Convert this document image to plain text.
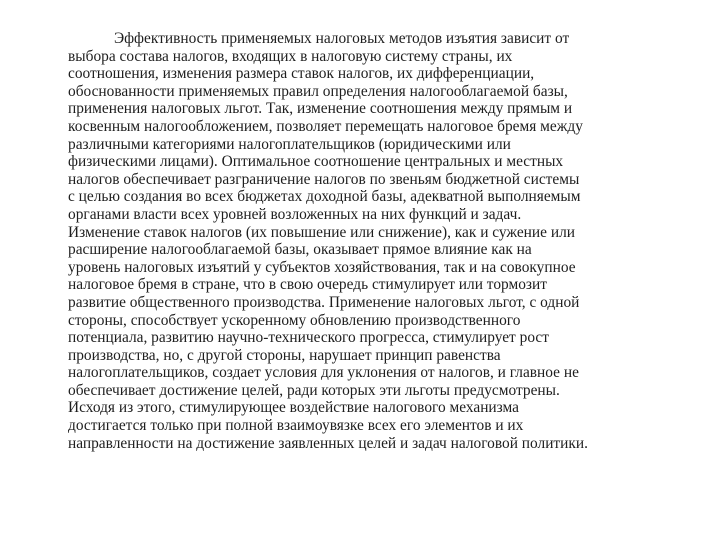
Эффективность применяемых налоговых методов изъятия зависит от
выбора состава налогов, входящих в налоговую систему страны, их
соотношения, изменения размера ставок налогов, их дифференциации,
обоснованности применяемых правил определения налогооблагаемой базы,
применения налоговых льгот. Так, изменение соотношения между прямым и
косвенным налогообложением, позволяет перемещать налоговое бремя между
различными категориями налогоплательщиков (юридическими или
физическими лицами). Оптимальное соотношение центральных и местных
налогов обеспечивает разграничение налогов по звеньям бюджетной системы
с целью создания во всех бюджетах доходной базы, адекватной выполняемым
органами власти всех уровней возложенных на них функций и задач.
Изменение ставок налогов (их повышение или снижение), как и сужение или
расширение налогооблагаемой базы, оказывает прямое влияние как на
уровень налоговых изъятий у субъектов хозяйствования, так и на совокупное
налоговое бремя в стране, что в свою очередь стимулирует или тормозит
развитие общественного производства. Применение налоговых льгот, с одной
стороны, способствует ускоренному обновлению производственного
потенциала, развитию научно-технического прогресса, стимулирует рост
производства, но, с другой стороны, нарушает принцип равенства
налогоплательщиков, создает условия для уклонения от налогов, и главное не
обеспечивает достижение целей, ради которых эти льготы предусмотрены.
Исходя из этого, стимулирующее воздействие налогового механизма
достигается только при полной взаимоувязке всех его элементов и их
направленности на достижение заявленных целей и задач налоговой политики.
